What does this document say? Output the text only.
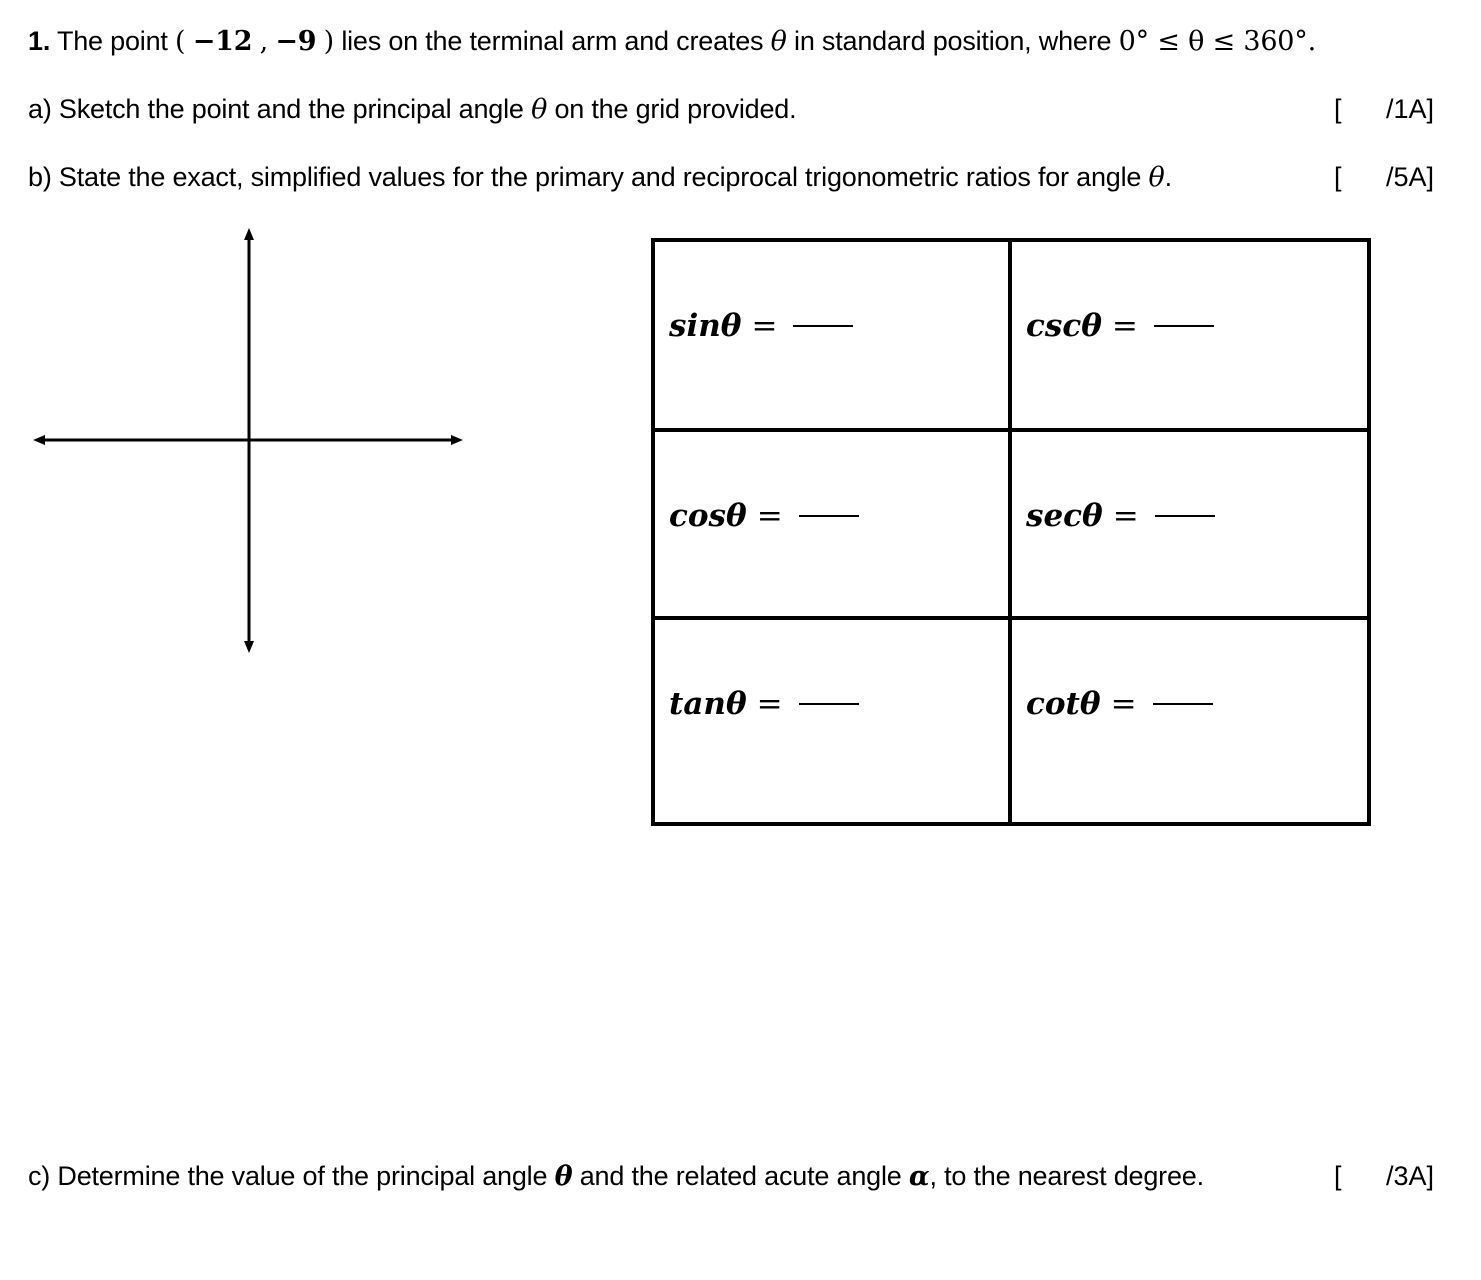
1. The point ( −12 , −9 ) lies on the terminal arm and creates θ in standard position, where 0° ≤ θ ≤ 360°.
a) Sketch the point and the principal angle θ on the grid provided.	[ /1A]
b) State the exact, simplified values for the primary and reciprocal trigonometric ratios for angle θ.	[ /5A]
sinθ =	cscθ =
cosθ =	secθ =
tanθ =	cotθ =
c) Determine the value of the principal angle θ and the related acute angle α, to the nearest degree.	[ /3A]
